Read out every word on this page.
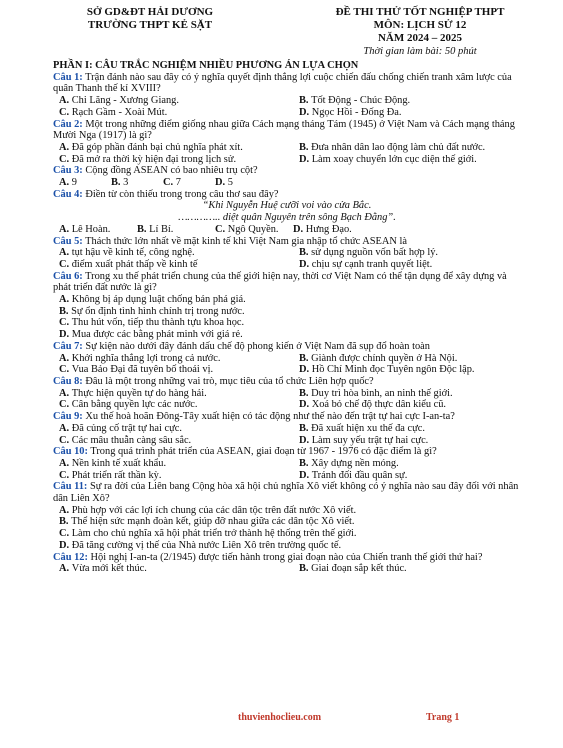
SỞ GD&ĐT HẢI DƯƠNG
TRƯỜNG THPT KẺ SẶT
ĐỀ THI THỬ TỐT NGHIỆP THPT
MÔN: LỊCH SỬ 12
NĂM 2024 – 2025
Thời gian làm bài: 50 phút
PHẦN I: CÂU TRẮC NGHIỆM NHIỀU PHƯƠNG ÁN LỰA CHỌN
Câu 1: Trận đánh nào sau đây có ý nghĩa quyết định thắng lợi cuộc chiến đấu chống chiến tranh xâm lược của quân Thanh thế kỉ XVIII?
A. Chi Lăng - Xương Giang.	B. Tốt Động - Chúc Động.
C. Rạch Gầm - Xoài Mút.	D. Ngọc Hồi - Đống Đa.
Câu 2: Một trong những điểm giống nhau giữa Cách mạng tháng Tám (1945) ở Việt Nam và Cách mạng tháng Mười Nga (1917) là gì?
A. Đã góp phần đánh bại chủ nghĩa phát xít.	B. Đưa nhân dân lao động làm chủ đất nước.
C. Đã mở ra thời kỳ hiện đại trong lịch sử.	D. Làm xoay chuyển lớn cục diện thế giới.
Câu 3: Cộng đồng ASEAN có bao nhiêu trụ cột?
A. 9	B. 3	C. 7	D. 5
Câu 4: Điền từ còn thiếu trong trong câu thơ sau đây?
“Khi Nguyễn Huệ cưỡi voi vào cửa Bắc.
………….. diệt quân Nguyên trên sông Bạch Đằng”.
A. Lê Hoàn.	B. Lí Bí.	C. Ngô Quyền.	D. Hưng Đạo.
Câu 5: Thách thức lớn nhất về mặt kinh tế khi Việt Nam gia nhập tổ chức ASEAN là
A. tụt hậu về kinh tế, công nghệ.	B. sử dụng nguồn vốn bất hợp lý.
C. điểm xuất phát thấp về kinh tế	D. chịu sự cạnh tranh quyết liệt.
Câu 6: Trong xu thế phát triển chung của thế giới hiện nay, thời cơ Việt Nam có thể tận dụng để xây dựng và phát triển đất nước là gì?
A. Không bị áp dụng luật chống bán phá giá.
B. Sự ổn định tình hình chính trị trong nước.
C. Thu hút vốn, tiếp thu thành tựu khoa học.
D. Mua được các bằng phát minh với giá rẻ.
Câu 7: Sự kiện nào dưới đây đánh dấu chế độ phong kiến ở Việt Nam đã sụp đổ hoàn toàn
A. Khởi nghĩa thắng lợi trong cả nước.	B. Giành được chính quyền ở Hà Nội.
C. Vua Bảo Đại đã tuyên bố thoái vị.	D. Hồ Chí Minh đọc Tuyên ngôn Độc lập.
Câu 8: Đâu là một trong những vai trò, mục tiêu của tổ chức Liên hợp quốc?
A. Thực hiện quyền tự do hàng hải.	B. Duy trì hòa bình, an ninh thế giới.
C. Cân bằng quyền lực các nước.	D. Xoá bỏ chế độ thực dân kiểu cũ.
Câu 9: Xu thế hoà hoãn Đông-Tây xuất hiện có tác động như thế nào đến trật tự hai cực I-an-ta?
A. Đã củng cố trật tự hai cực.	B. Đã xuất hiện xu thế đa cực.
C. Các mâu thuẫn càng sâu sắc.	D. Làm suy yếu trật tự hai cực.
Câu 10: Trong quá trình phát triển của ASEAN, giai đoạn từ 1967 - 1976 có đặc điểm là gì?
A. Nền kinh tế xuất khẩu.	B. Xây dựng nền móng.
C. Phát triển rất thần kỳ.	D. Tránh đối đầu quân sự.
Câu 11: Sự ra đời của Liên bang Cộng hòa xã hội chủ nghĩa Xô viết không có ý nghĩa nào sau đây đối với nhân dân Liên Xô?
A. Phù hợp với các lợi ích chung của các dân tộc trên đất nước Xô viết.
B. Thể hiện sức mạnh đoàn kết, giúp đỡ nhau giữa các dân tộc Xô viết.
C. Làm cho chủ nghĩa xã hội phát triển trở thành hệ thống trên thế giới.
D. Đã tăng cường vị thế của Nhà nước Liên Xô trên trường quốc tế.
Câu 12: Hội nghị I-an-ta (2/1945) được tiến hành trong giai đoạn nào của Chiến tranh thế giới thứ hai?
A. Vừa mới kết thúc.	B. Giai đoạn sắp kết thúc.
thuvienhoclieu.com	Trang 1
